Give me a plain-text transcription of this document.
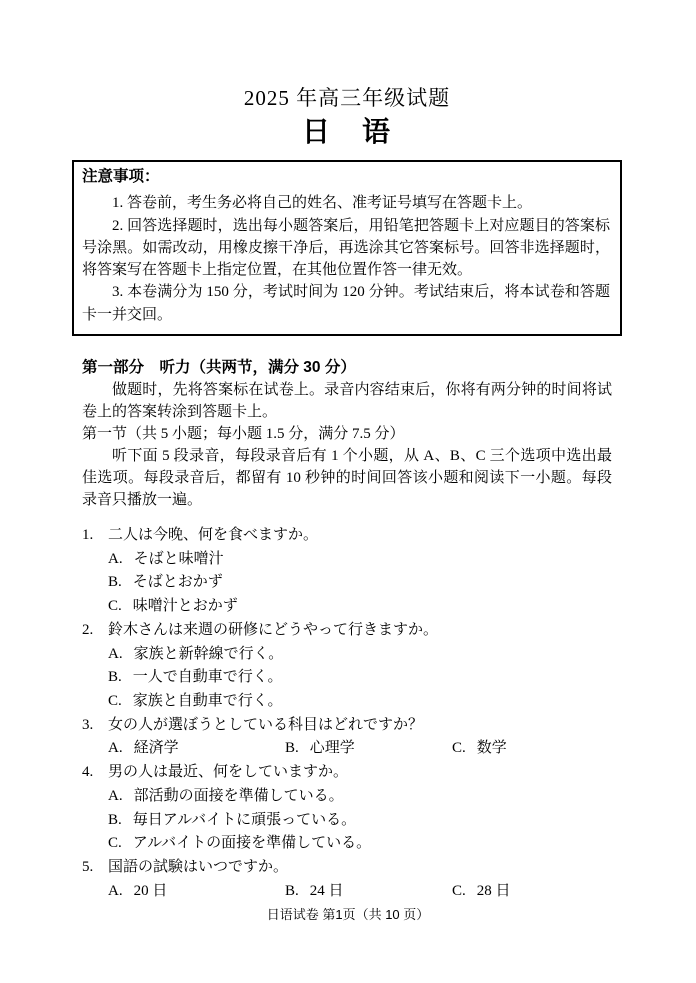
2025 年高三年级试题
日　语
注意事项：

1. 答卷前，考生务必将自己的姓名、准考证号填写在答题卡上。

2. 回答选择题时，选出每小题答案后，用铅笔把答题卡上对应题目的答案标号涂黑。如需改动，用橡皮擦干净后，再选涂其它答案标号。回答非选择题时，将答案写在答题卡上指定位置，在其他位置作答一律无效。

3. 本卷满分为 150 分，考试时间为 120 分钟。考试结束后，将本试卷和答题卡一并交回。

第一部分　听力（共两节，满分 30 分）

做题时，先将答案标在试卷上。录音内容结束后，你将有两分钟的时间将试卷上的答案转涂到答题卡上。

第一节（共 5 小题；每小题 1.5 分，满分 7.5 分）

听下面 5 段录音，每段录音后有 1 个小题，从 A、B、C 三个选项中选出最佳选项。每段录音后，都留有 10 秒钟的时间回答该小题和阅读下一小题。每段录音只播放一遍。

1. 二人は今晚、何を食べますか。
A. そばと味噌汁
B. そばとおかず
C. 味噌汁とおかず
2. 鈴木さんは来週の研修にどうやって行きますか。
A. 家族と新幹線で行く。
B. 一人で自動車で行く。
C. 家族と自動車で行く。
3. 女の人が選ぼうとしている科目はどれですか？
A. 経済学	B. 心理学	C. 数学
4. 男の人は最近、何をしていますか。
A. 部活動の面接を準備している。
B. 毎日アルバイトに頑張っている。
C. アルバイトの面接を準備している。
5. 国語の試験はいつですか。
A. 20 日	B. 24 日	C. 28 日
日语试卷 第1页（共 10 页）
